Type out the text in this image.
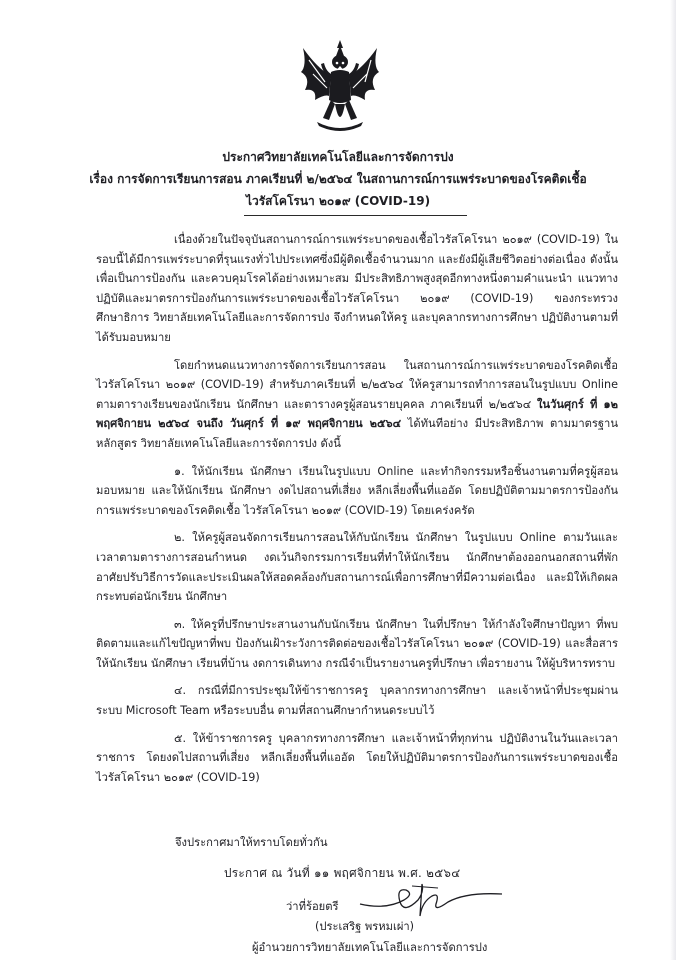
ประกาศวิทยาลัยเทคโนโลยีและการจัดการปง
เรื่อง การจัดการเรียนการสอน ภาคเรียนที่ ๒/๒๕๖๔ ในสถานการณ์การแพร่ระบาดของโรคติดเชื้อ
ไวรัสโคโรนา ๒๐๑๙ (COVID-19)

เนื่องด้วยในปัจจุบันสถานการณ์การแพร่ระบาดของเชื้อไวรัสโคโรนา ๒๐๑๙ (COVID-19) ในรอบนี้ได้มีการแพร่ระบาดที่รุนแรงทั่วไปประเทศซึ่งมีผู้ติดเชื้อจำนวนมาก และยังมีผู้เสียชีวิตอย่างต่อเนื่อง ดังนั้น เพื่อเป็นการป้องกัน และควบคุมโรคได้อย่างเหมาะสม มีประสิทธิภาพสูงสุดอีกทางหนึ่งตามคำแนะนำ แนวทางปฏิบัติและมาตรการป้องกันการแพร่ระบาดของเชื้อไวรัสโคโรนา ๒๐๑๙ (COVID-19) ของกระทรวงศึกษาธิการ วิทยาลัยเทคโนโลยีและการจัดการปง จึงกำหนดให้ครู และบุคลากรทางการศึกษา ปฏิบัติงานตามที่ได้รับมอบหมาย

โดยกำหนดแนวทางการจัดการเรียนการสอน ในสถานการณ์การแพร่ระบาดของโรคติดเชื้อ ไวรัสโคโรนา ๒๐๑๙ (COVID-19) สำหรับภาคเรียนที่ ๒/๒๕๖๔ ให้ครูสามารถทำการสอนในรูปแบบ Online ตามตารางเรียนของนักเรียน นักศึกษา และตารางครูผู้สอนรายบุคคล ภาคเรียนที่ ๒/๒๕๖๔ ในวันศุกร์ ที่ ๑๒ พฤศจิกายน ๒๕๖๔ จนถึง วันศุกร์ ที่ ๑๙ พฤศจิกายน ๒๕๖๔ ได้ทันทีอย่าง มีประสิทธิภาพ ตามมาตรฐานหลักสูตร วิทยาลัยเทคโนโลยีและการจัดการปง ดังนี้

๑. ให้นักเรียน นักศึกษา เรียนในรูปแบบ Online และทำกิจกรรมหรือชิ้นงานตามที่ครูผู้สอน มอบหมาย และให้นักเรียน นักศึกษา งดไปสถานที่เสี่ยง หลีกเลี่ยงพื้นที่แออัด โดยปฏิบัติตามมาตรการป้องกัน การแพร่ระบาดของโรคติดเชื้อ ไวรัสโคโรนา ๒๐๑๙ (COVID-19) โดยเคร่งครัด

๒. ให้ครูผู้สอนจัดการเรียนการสอนให้กับนักเรียน นักศึกษา ในรูปแบบ Online ตามวันและ เวลาตามตารางการสอนกำหนด งดเว้นกิจกรรมการเรียนที่ทำให้นักเรียน นักศึกษาต้องออกนอกสถานที่พัก อาศัยปรับวิธีการวัดและประเมินผลให้สอดคล้องกับสถานการณ์เพื่อการศึกษาที่มีความต่อเนื่อง และมิให้เกิดผล กระทบต่อนักเรียน นักศึกษา

๓. ให้ครูที่ปรึกษาประสานงานกับนักเรียน นักศึกษา ในที่ปรึกษา ให้กำลังใจศึกษาปัญหา ที่พบติดตามและแก้ไขปัญหาที่พบ ป้องกันเฝ้าระวังการติดต่อของเชื้อไวรัสโคโรนา ๒๐๑๙ (COVID-19) และสื่อสารให้นักเรียน นักศึกษา เรียนที่บ้าน งดการเดินทาง กรณีจำเป็นรายงานครูที่ปรึกษา เพื่อรายงาน ให้ผู้บริหารทราบ

๔. กรณีที่มีการประชุมให้ข้าราชการครู บุคลากรทางการศึกษา และเจ้าหน้าที่ประชุมผ่าน ระบบ Microsoft Team หรือระบบอื่น ตามที่สถานศึกษากำหนดระบบไว้

๕. ให้ข้าราชการครู บุคลากรทางการศึกษา และเจ้าหน้าที่ทุกท่าน ปฏิบัติงานในวันและเวลา ราชการ โดยงดไปสถานที่เสี่ยง หลีกเลี่ยงพื้นที่แออัด โดยให้ปฏิบัติมาตรการป้องกันการแพร่ระบาดของเชื้อ ไวรัสโคโรนา ๒๐๑๙ (COVID-19)

จึงประกาศมาให้ทราบโดยทั่วกัน
ประกาศ ณ วันที่ ๑๑ พฤศจิกายน พ.ศ. ๒๕๖๔
ว่าที่ร้อยตรี
(ประเสริฐ พรหมเผ่า)
ผู้อำนวยการวิทยาลัยเทคโนโลยีและการจัดการปง
